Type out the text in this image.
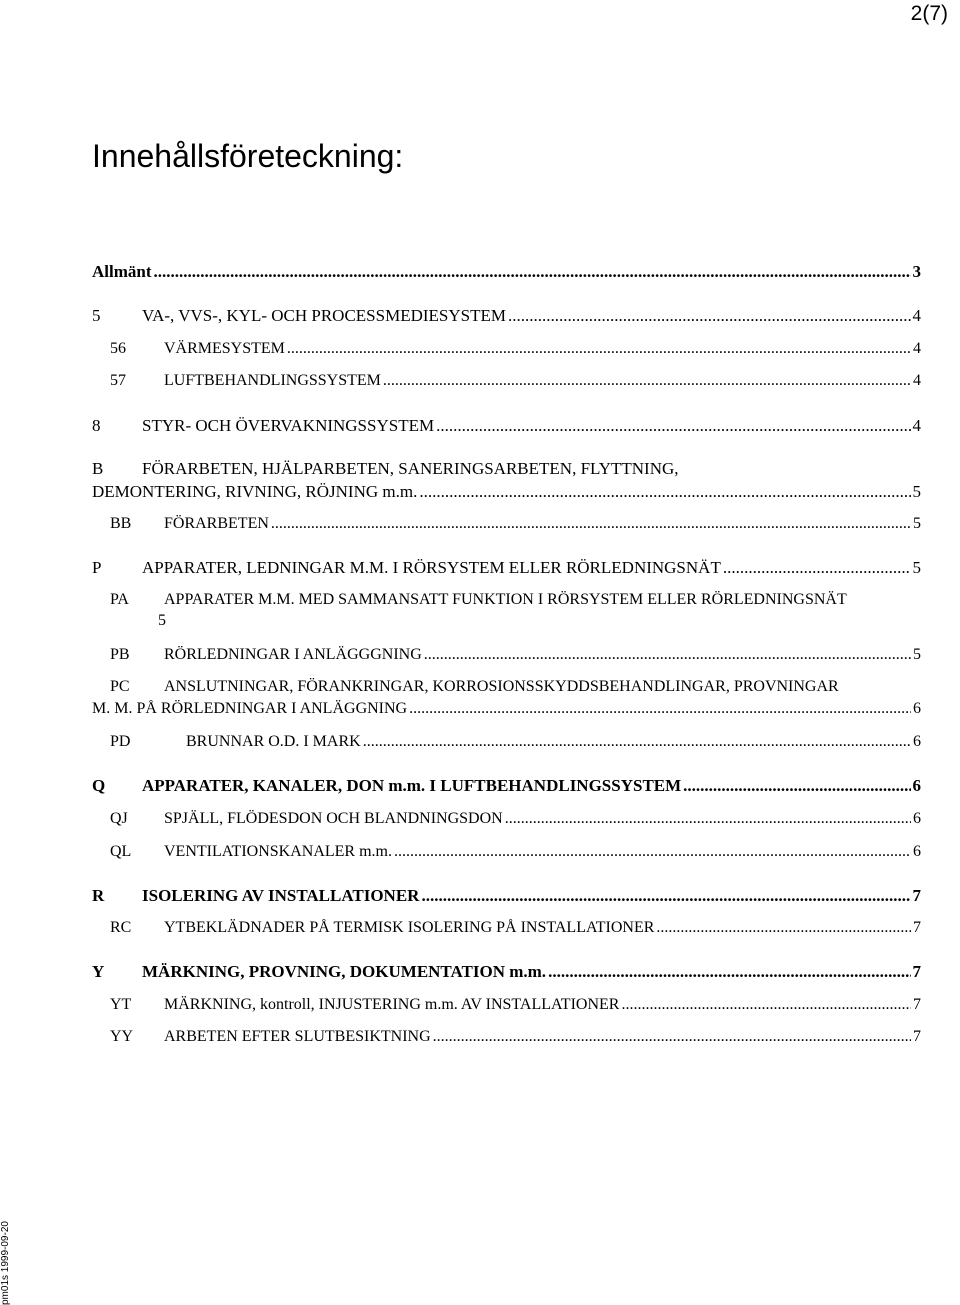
2(7)
Innehållsföreteckning:
Allmänt .....	3
5	VA-, VVS-, KYL- OCH PROCESSMEDIESYSTEM .....	4
56	VÄRMESYSTEM .....	4
57	LUFTBEHANDLINGSSYSTEM .....	4
8	STYR- OCH ÖVERVAKNINGSSYSTEM .....	4
B	FÖRARBETEN, HJÄLPARBETEN, SANERINGSARBETEN, FLYTTNING,
DEMONTERING, RIVNING, RÖJNING m.m. .....	5
BB	FÖRARBETEN .....	5
P	APPARATER, LEDNINGAR M.M. I RÖRSYSTEM ELLER RÖRLEDNINGSNÄT .....	5
PA	APPARATER M.M. MED SAMMANSATT FUNKTION I RÖRSYSTEM ELLER RÖRLEDNINGSNÄT
5
PB	RÖRLEDNINGAR I ANLÄGGGNING .....	5
PC	ANSLUTNINGAR, FÖRANKRINGAR, KORROSIONSSKYDDSBEHANDLINGAR, PROVNINGAR
M. M. PÅ RÖRLEDNINGAR I ANLÄGGNING .....	6
PD	BRUNNAR O.D. I MARK .....	6
Q	APPARATER, KANALER, DON m.m. I LUFTBEHANDLINGSSYSTEM .....	6
QJ	SPJÄLL, FLÖDESDON OCH BLANDNINGSDON .....	6
QL	VENTILATIONSKANALER m.m. .....	6
R	ISOLERING AV INSTALLATIONER .....	7
RC	YTBEKLÄDNADER PÅ TERMISK ISOLERING PÅ INSTALLATIONER .....	7
Y	MÄRKNING, PROVNING, DOKUMENTATION m.m. .....	7
YT	MÄRKNING, kontroll, INJUSTERING m.m. AV INSTALLATIONER .....	7
YY	ARBETEN EFTER SLUTBESIKTNING .....	7
pm01s 1999-09-20
